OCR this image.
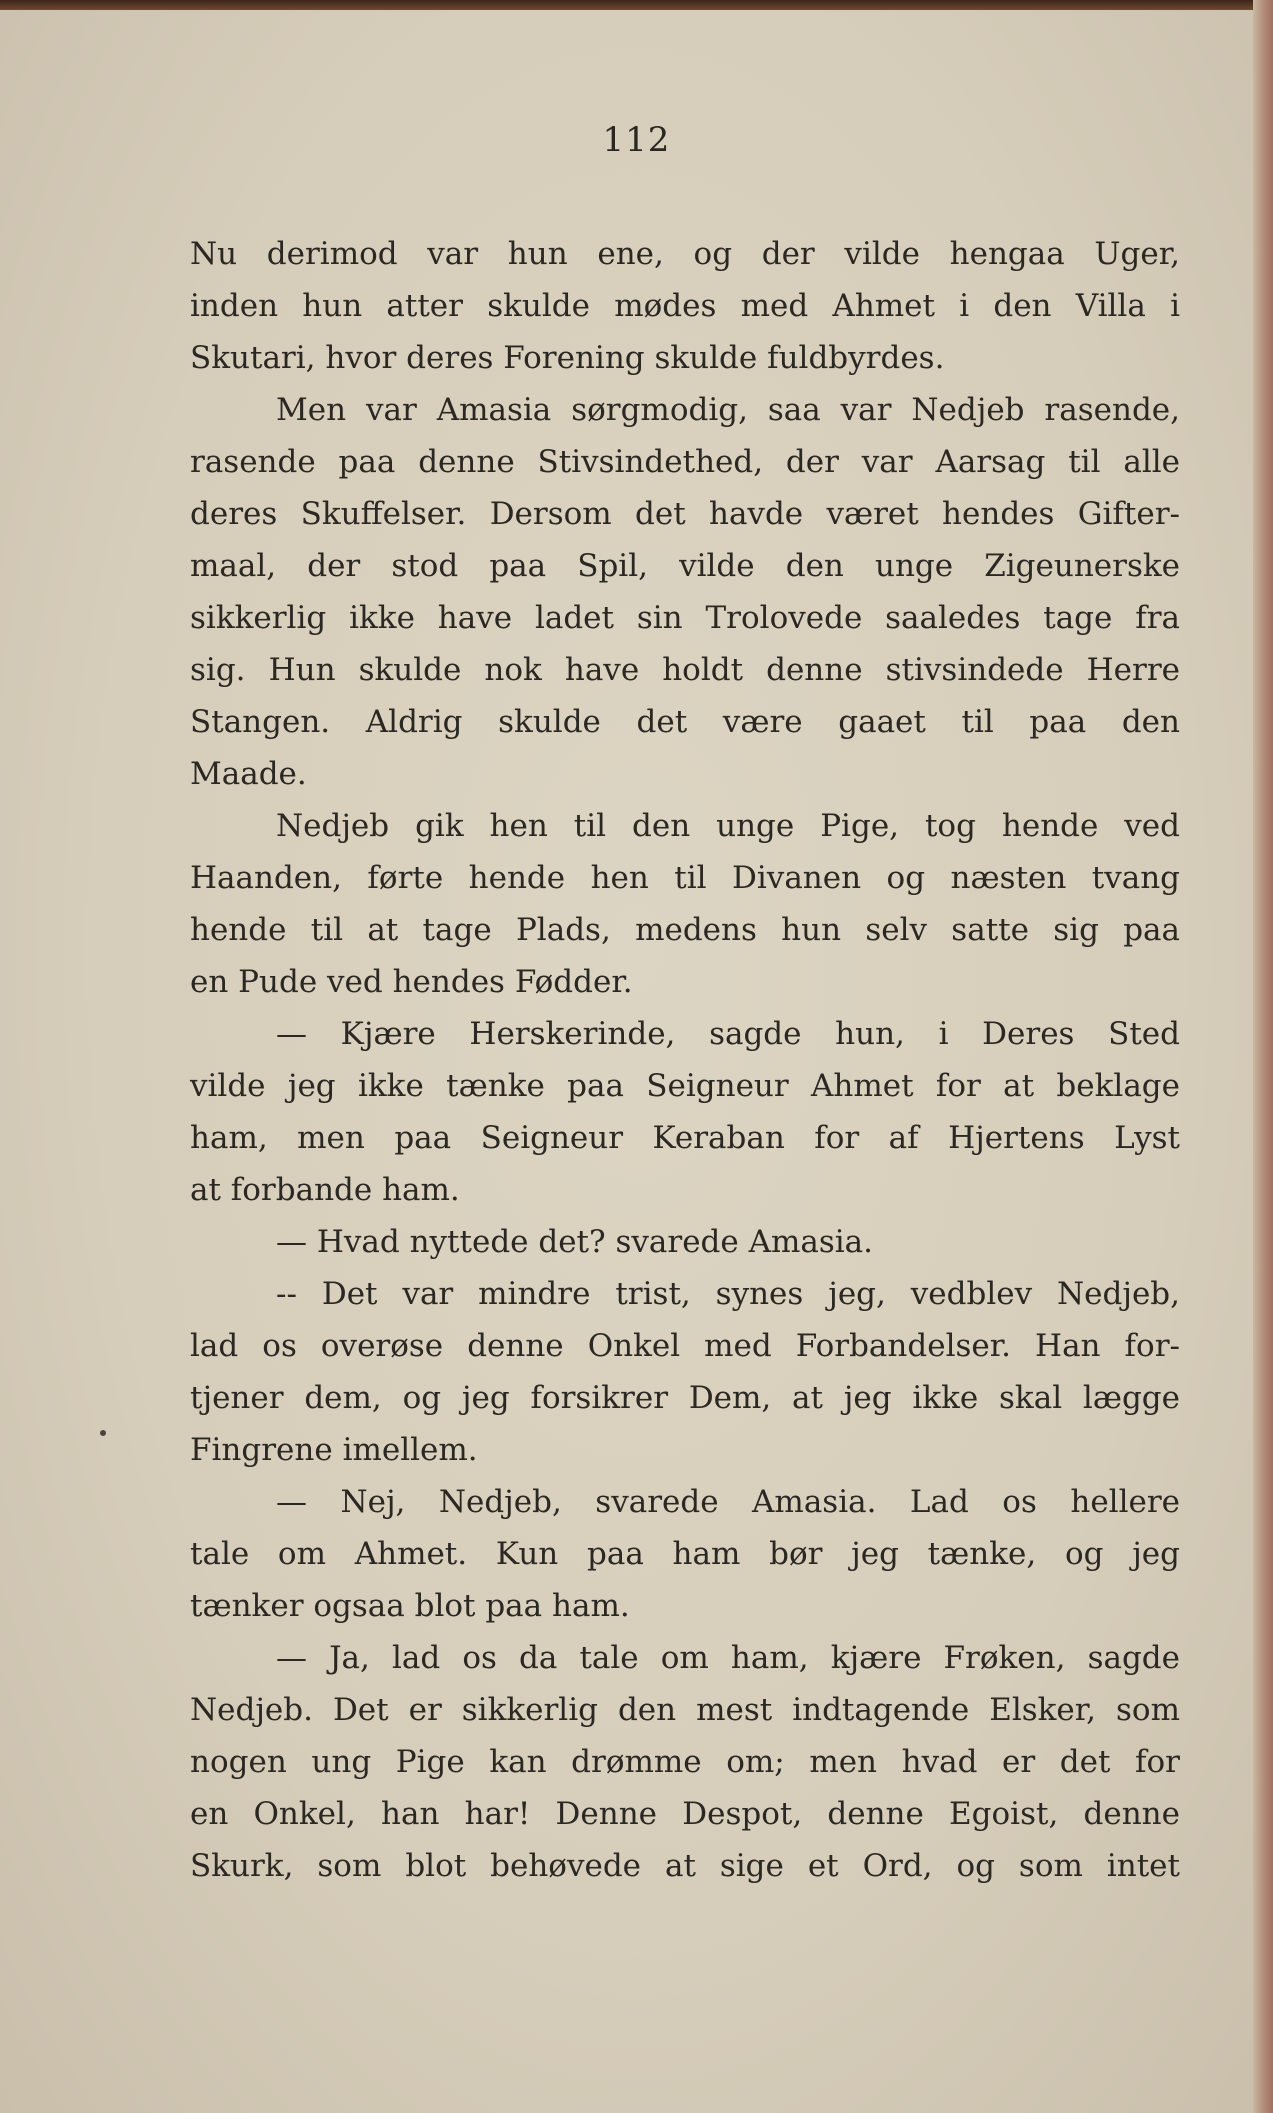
112
Nu derimod var hun ene, og der vilde hengaa Uger,
inden hun atter skulde mødes med Ahmet i den Villa i
Skutari, hvor deres Forening skulde fuldbyrdes.
Men var Amasia sørgmodig, saa var Nedjeb rasende,
rasende paa denne Stivsindethed, der var Aarsag til alle
deres Skuffelser. Dersom det havde været hendes Gifter-
maal, der stod paa Spil, vilde den unge Zigeunerske
sikkerlig ikke have ladet sin Trolovede saaledes tage fra
sig. Hun skulde nok have holdt denne stivsindede Herre
Stangen. Aldrig skulde det være gaaet til paa den
Maade.
Nedjeb gik hen til den unge Pige, tog hende ved
Haanden, førte hende hen til Divanen og næsten tvang
hende til at tage Plads, medens hun selv satte sig paa
en Pude ved hendes Fødder.
— Kjære Herskerinde, sagde hun, i Deres Sted
vilde jeg ikke tænke paa Seigneur Ahmet for at beklage
ham, men paa Seigneur Keraban for af Hjertens Lyst
at forbande ham.
— Hvad nyttede det? svarede Amasia.
-- Det var mindre trist, synes jeg, vedblev Nedjeb,
lad os overøse denne Onkel med Forbandelser. Han for-
tjener dem, og jeg forsikrer Dem, at jeg ikke skal lægge
Fingrene imellem.
— Nej, Nedjeb, svarede Amasia. Lad os hellere
tale om Ahmet. Kun paa ham bør jeg tænke, og jeg
tænker ogsaa blot paa ham.
— Ja, lad os da tale om ham, kjære Frøken, sagde
Nedjeb. Det er sikkerlig den mest indtagende Elsker, som
nogen ung Pige kan drømme om; men hvad er det for
en Onkel, han har! Denne Despot, denne Egoist, denne
Skurk, som blot behøvede at sige et Ord, og som intet
